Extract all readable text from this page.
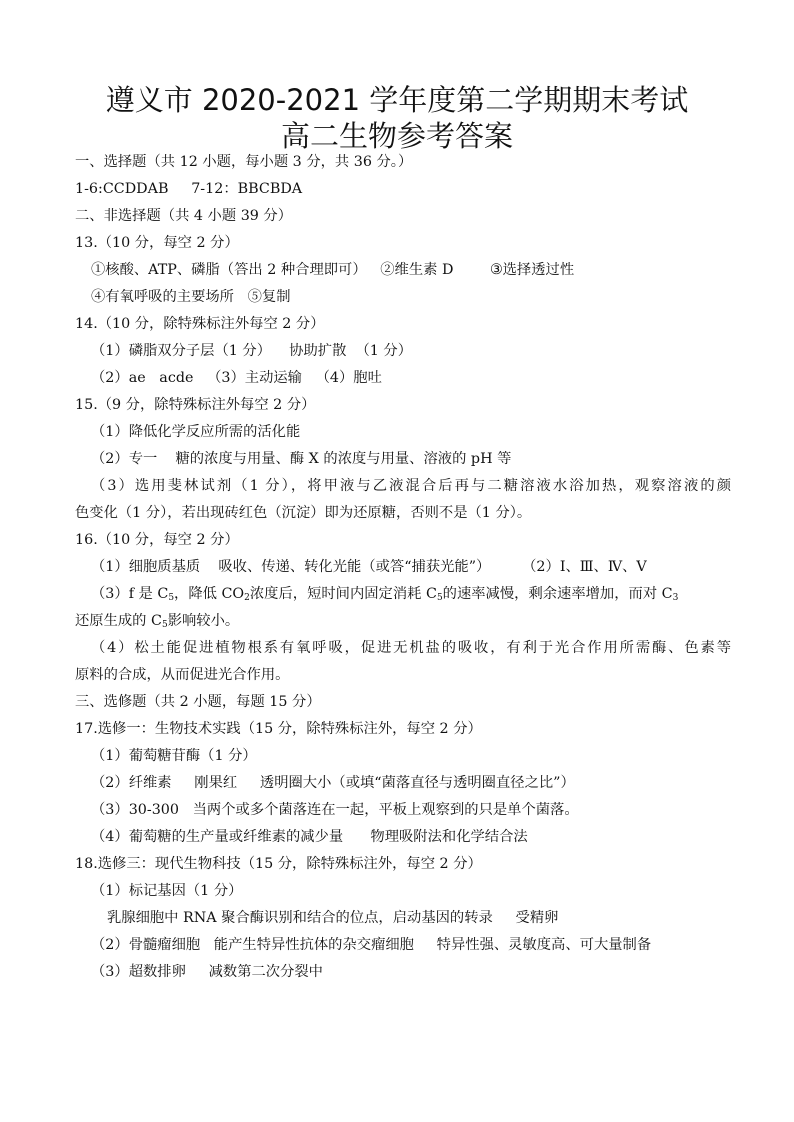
遵义市 2020-2021 学年度第二学期期末考试
高二生物参考答案
一、选择题（共 12 小题，每小题 3 分，共 36 分。）
1-6:CCDDAB     7-12：BBCBDA
二、非选择题（共 4 小题 39 分）
13.（10 分，每空 2 分）
①核酸、ATP、磷脂（答出 2 种合理即可）   ②维生素 D        ③选择透过性
④有氧呼吸的主要场所   ⑤复制
14.（10 分，除特殊标注外每空 2 分）
（1）磷脂双分子层（1 分）    协助扩散  （1 分）
（2）ae   acde   （3）主动运输   （4）胞吐
15.（9 分，除特殊标注外每空 2 分）
（1）降低化学反应所需的活化能
（2）专一    糖的浓度与用量、酶 X 的浓度与用量、溶液的 pH 等
（3）选用斐林试剂（1 分），将甲液与乙液混合后再与二糖溶液水浴加热，观察溶液的颜
色变化（1 分），若出现砖红色（沉淀）即为还原糖，否则不是（1 分）。
16.（10 分，每空 2 分）
（1）细胞质基质    吸收、传递、转化光能（或答“捕获光能”）       （2）Ⅰ、Ⅲ、Ⅳ、Ⅴ
（3）f 是 $C_5$，降低 $CO_2$浓度后，短时间内固定消耗 $C_5$的速率减慢，剩余速率增加，而对 $C_3$
还原生成的 $C_5$影响较小。
（4）松土能促进植物根系有氧呼吸，促进无机盐的吸收，有利于光合作用所需酶、色素等
原料的合成，从而促进光合作用。
三、选修题（共 2 小题，每题 15 分）
17.选修一：生物技术实践（15 分，除特殊标注外，每空 2 分）
（1）葡萄糖苷酶（1 分）
（2）纤维素     刚果红     透明圈大小（或填“菌落直径与透明圈直径之比”）
（3）30-300   当两个或多个菌落连在一起，平板上观察到的只是单个菌落。
（4）葡萄糖的生产量或纤维素的减少量      物理吸附法和化学结合法
18.选修三：现代生物科技（15 分，除特殊标注外，每空 2 分）
（1）标记基因（1 分）
乳腺细胞中 RNA 聚合酶识别和结合的位点，启动基因的转录     受精卵
（2）骨髓瘤细胞   能产生特异性抗体的杂交瘤细胞     特异性强、灵敏度高、可大量制备
（3）超数排卵     减数第二次分裂中
